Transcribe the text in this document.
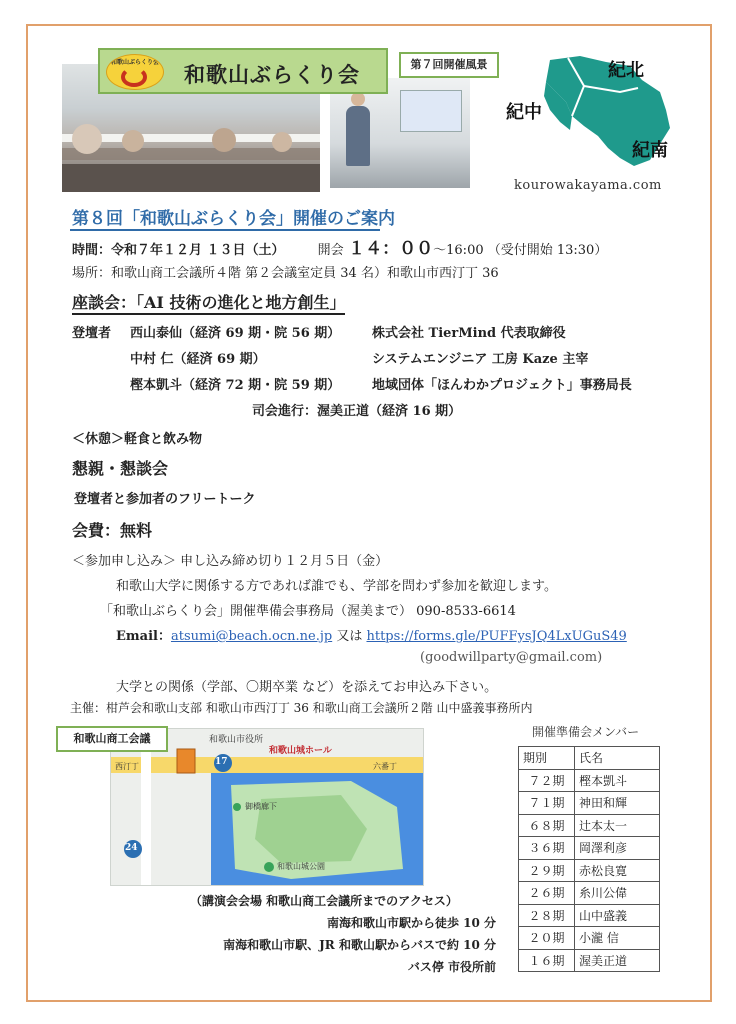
和歌山ぶらくり会 和歌山ぶらくり会	第７回開催風景	紀北
紀中
紀南
kourowakayama.com
第８回「和歌山ぶらくり会」開催のご案内
時間：令和７年１２月 １３日（土）	開会 １４：００～16:00 （受付開始 13:30）
場所：和歌山商工会議所４階 第２会議室定員 34 名）和歌山市西汀丁 36
座談会：「AI 技術の進化と地方創生」
登壇者 西山泰仙（経済 69 期・院 56 期） 株式会社 TierMind 代表取締役
中村 仁（経済 69 期）	システムエンジニア 工房 Kaze 主宰
樫本凱斗（経済 72 期・院 59 期） 地域団体「ほんわかプロジェクト」事務局長
司会進行：渥美正道（経済 16 期）
＜休憩＞軽食と飲み物
懇親・懇談会
登壇者と参加者のフリートーク
会費：無料
＜参加申し込み＞ 申し込み締め切り１２月５日（金）
和歌山大学に関係する方であれば誰でも、学部を問わず参加を歓迎します。
「和歌山ぶらくり会」開催準備会事務局（渥美まで） 090-8533-6614
Email：atsumi@beach.ocn.ne.jp 又は https://forms.gle/PUFFysJQ4LxUGuS49
(goodwillparty@gmail.com)
大学との関係（学部、〇期卒業 など）を添えてお申込み下さい。
主催：柑芦会和歌山支部 和歌山市西汀丁 36 和歌山商工会議所２階 山中盛義事務所内
17
24
和歌山市役所
和歌山城ホール
西汀丁	六番丁
御橋廊下
和歌山城公園
和歌山商工会議
（講演会会場 和歌山商工会議所までのアクセス）
南海和歌山市駅から徒歩 10 分
南海和歌山市駅、JR 和歌山駅からバスで約 10 分
バス停 市役所前
開催準備会メンバー
期別	氏名
７２期	樫本凱斗
７１期	神田和輝
６８期	辻本太一
３６期	岡澤利彦
２９期	赤松良寛
２６期	糸川公偉
２８期	山中盛義
２０期	小瀧 信
１６期	渥美正道
